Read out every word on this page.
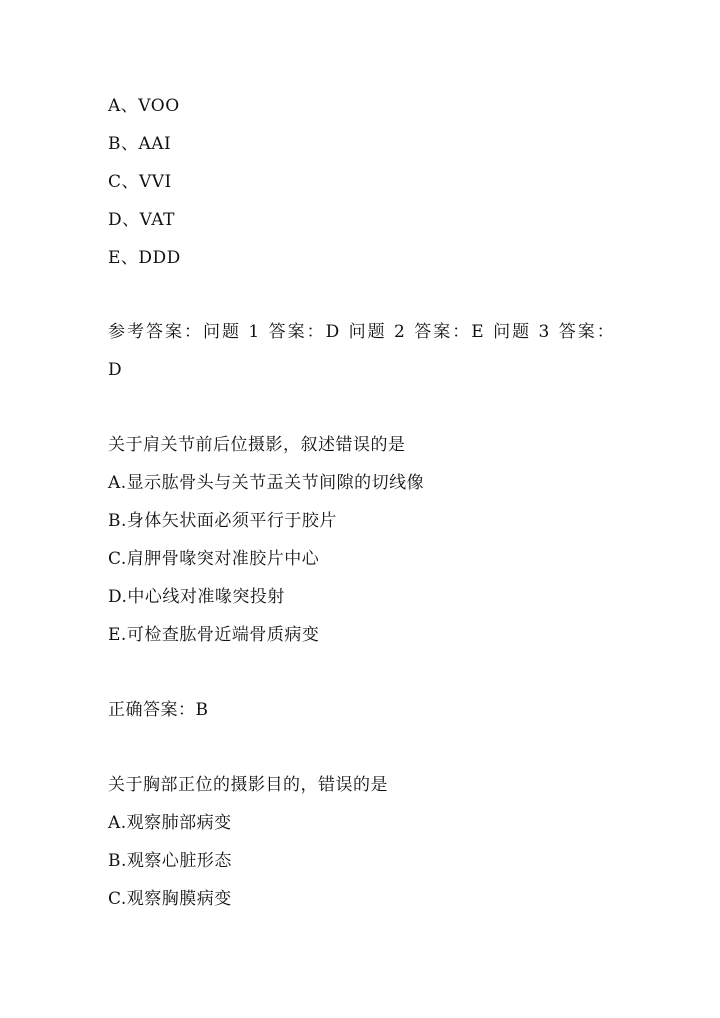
A、VOO
B、AAI
C、VVI
D、VAT
E、DDD
参考答案：问题 1 答案：D 问题 2 答案：E 问题 3 答案：
D
关于肩关节前后位摄影，叙述错误的是
A.显示肱骨头与关节盂关节间隙的切线像
B.身体矢状面必须平行于胶片
C.肩胛骨喙突对准胶片中心
D.中心线对准喙突投射
E.可检查肱骨近端骨质病变
正确答案：B
关于胸部正位的摄影目的，错误的是
A.观察肺部病变
B.观察心脏形态
C.观察胸膜病变
